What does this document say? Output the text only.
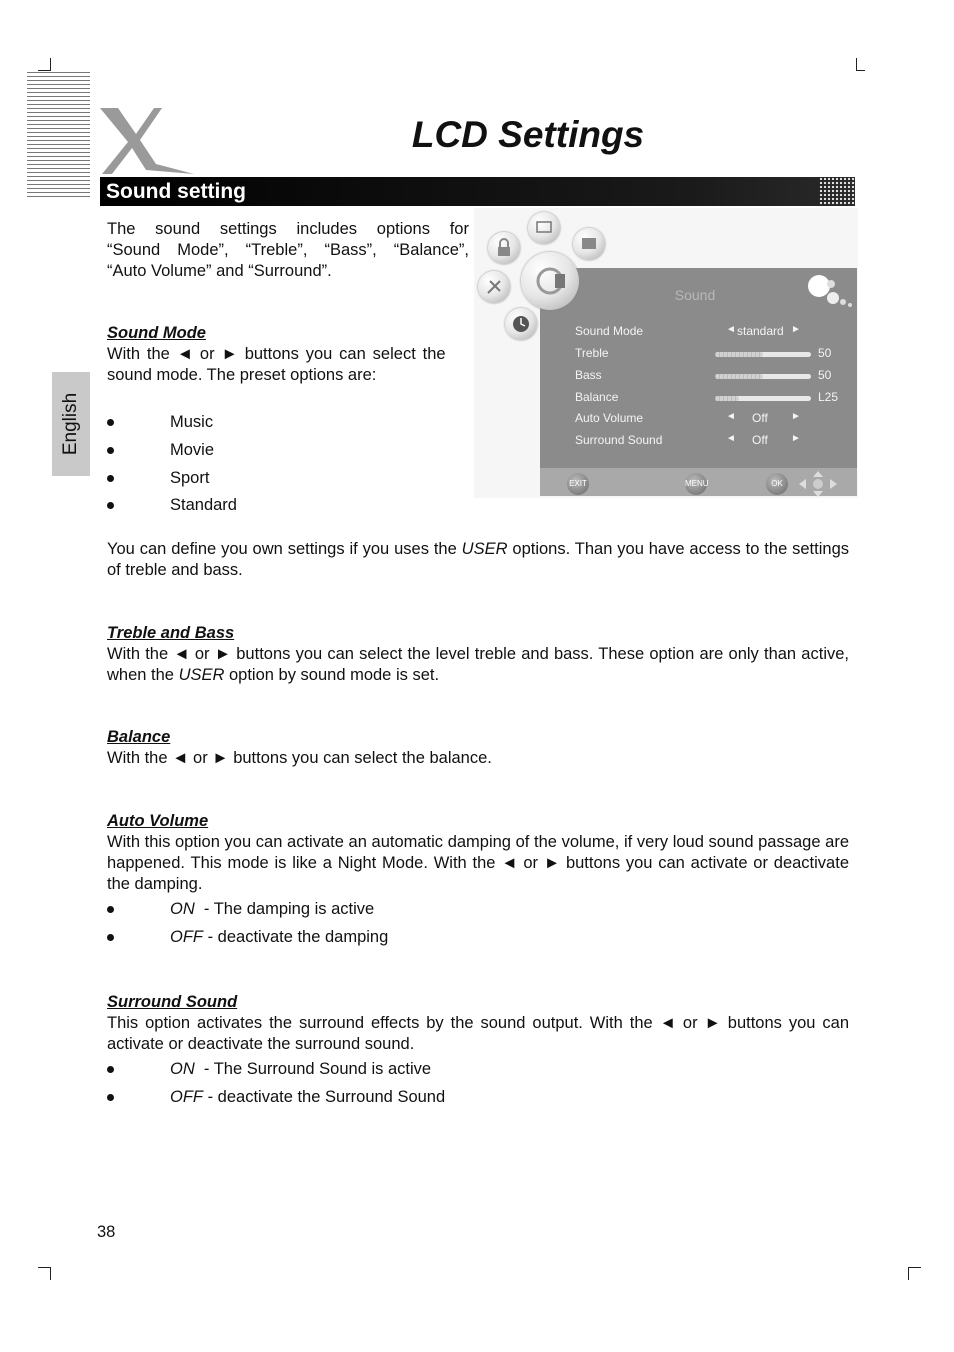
English
LCD Settings
Sound setting
The sound settings includes options for
“Sound Mode”, “Treble”, “Bass”, “Balance”,
“Auto Volume” and “Surround”.
Sound Mode
With the ◄ or ► buttons you can select the
sound mode. The preset options are:
Music
Movie
Sport
Standard

You can define you own settings if you uses the USER options. Than you have access to the settings of treble and bass.

Treble and Bass

With the ◄ or ► buttons you can select the level treble and bass. These option are only than active, when the USER option by sound mode is set.

Balance

With the ◄ or ► buttons you can select the balance.

Auto Volume

With this option you can activate an automatic damping of the volume, if very loud sound passage are happened. This mode is like a Night Mode. With the ◄ or ► buttons you can activate or deactivate the damping.

ON  - The damping is active
OFF - deactivate the damping
Surround Sound

This option activates the surround effects by the sound output. With the ◄ or ► buttons you can activate or deactivate the surround sound.

ON  - The Surround Sound is active
OFF - deactivate the Surround Sound
38
Sound
Sound Mode	◄ standard ►
Treble	50
Bass	50
Balance	L25
Auto Volume	◄ Off ►
Surround Sound	◄ Off ►
EXIT	MENU	OK
